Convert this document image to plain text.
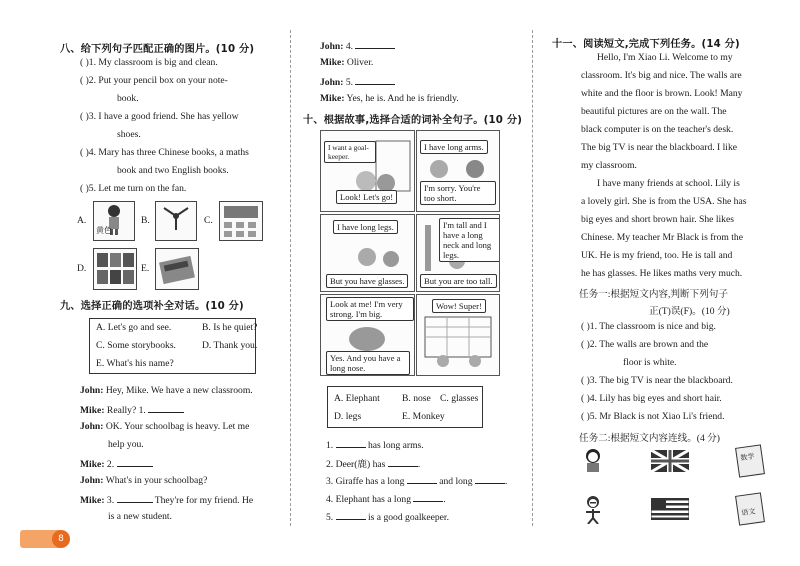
八、给下列句子匹配正确的图片。(10 分)
( )1. My classroom is big and clean.
( )2. Put your pencil box on your note-
book.
( )3. I have a good friend. She has yellow
shoes.
( )4. Mary has three Chinese books, a maths
book and two English books.
( )5. Let me turn on the fan.
A.
黄色
B.	C.
D.	E.
九、选择正确的选项补全对话。(10 分)
A. Let's go and see.	B. Is he quiet?
C. Some storybooks.	D. Thank you.
E. What's his name?
John: Hey, Mike. We have a new classroom.
Mike: Really? 1.
John: OK. Your schoolbag is heavy. Let me
help you.
Mike: 2.
John: What's in your schoolbag?
Mike: 3.	They're for my friend. He
is a new student.
John: 4.
Mike: Oliver.
John: 5.
Mike: Yes, he is. And he is friendly.
十、根据故事,选择合适的词补全句子。(10 分)
I want a goal-keeper.
Look! Let's go!
I have long arms.
I'm sorry. You're too short.
I have long legs.
But you have glasses.
I'm tall and I have a long neck and long legs.
But you are too tall.
Look at me! I'm very strong. I'm big.
Yes. And you have a long nose.
Wow! Super!
A. Elephant B. nose C. glasses
D. legs	E. Monkey
1.	has long arms.
2. Deer(鹿) has	.
3. Giraffe has a long	and long	.
4. Elephant has a long	.
5.	is a good goalkeeper.
十一、阅读短文,完成下列任务。(14 分)
Hello, I'm Xiao Li. Welcome to my
classroom. It's big and nice. The walls are
white and the floor is brown. Look! Many
beautiful pictures are on the wall. The
black computer is on the teacher's desk.
The big TV is near the blackboard. I like
my classroom.
I have many friends at school. Lily is
a lovely girl. She is from the USA. She has
big eyes and short brown hair. She likes
Chinese. My teacher Mr Black is from the
UK. He is my friend, too. He is tall and
he has glasses. He likes maths very much.
任务一:根据短文内容,判断下列句子
正(T)误(F)。(10 分)
( )1. The classroom is nice and big.
( )2. The walls are brown and the
floor is white.
( )3. The big TV is near the blackboard.
( )4. Lily has big eyes and short hair.
( )5. Mr Black is not Xiao Li's friend.
任务二:根据短文内容连线。(4 分)
数学
语文
8
